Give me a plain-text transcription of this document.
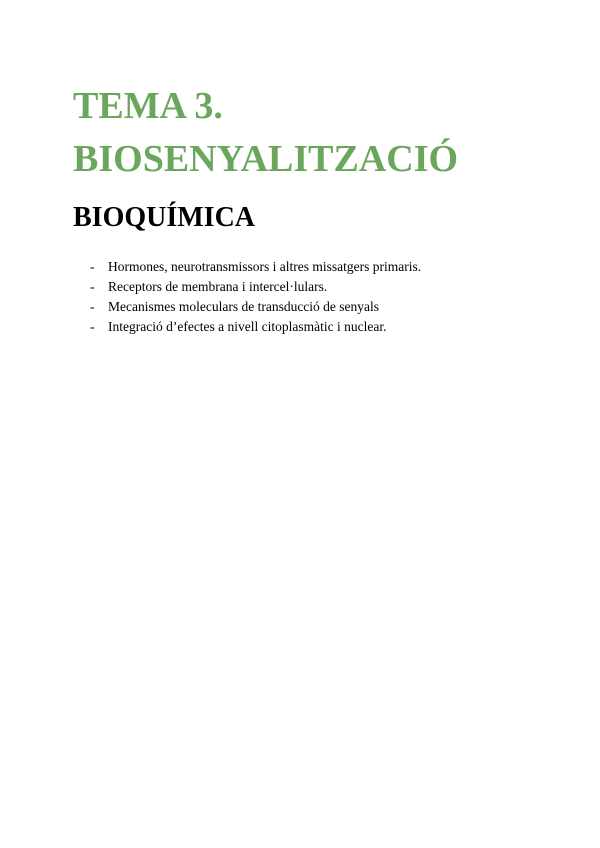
TEMA 3.
BIOSENYALITZACIÓ
BIOQUÍMICA
- Hormones, neurotransmissors i altres missatgers primaris.
- Receptors de membrana i intercel·lulars.
- Mecanismes moleculars de transducció de senyals
- Integració d’efectes a nivell citoplasmàtic i nuclear.
